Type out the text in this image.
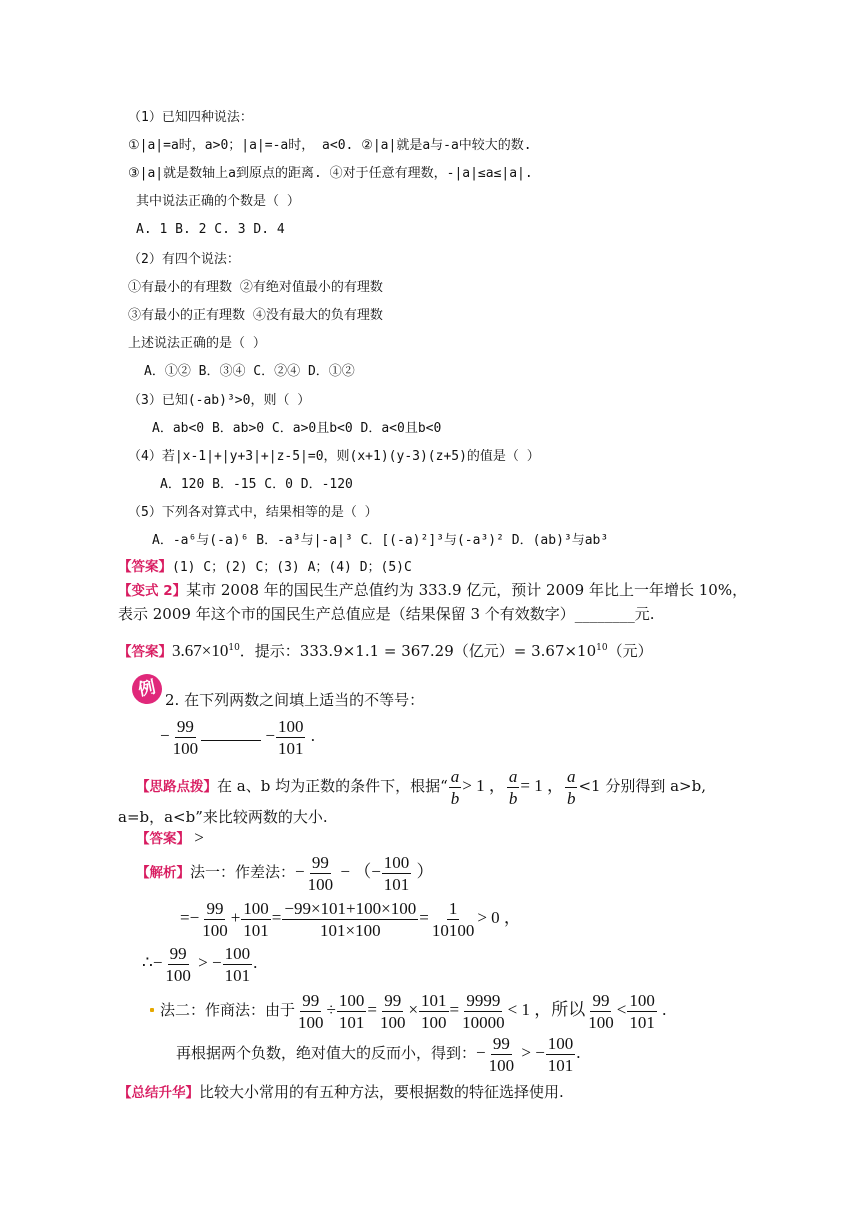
（1）已知四种说法：
①|a|=a时，a>0；|a|=-a时， a<0. ②|a|就是a与-a中较大的数.
③|a|就是数轴上a到原点的距离. ④对于任意有理数，-|a|≤a≤|a|.
其中说法正确的个数是（ ）
A. 1 B. 2 C. 3 D. 4
（2）有四个说法：
①有最小的有理数 ②有绝对值最小的有理数
③有最小的正有理数 ④没有最大的负有理数
上述说法正确的是（ ）
A．①② B．③④ C．②④ D．①②
（3）已知(-ab)³>0，则（ ）
A．ab<0 B．ab>0 C．a>0且b<0 D．a<0且b<0
（4）若|x-1|+|y+3|+|z-5|=0，则(x+1)(y-3)(z+5)的值是（ ）
A．120 B．-15 C．0 D．-120
（5）下列各对算式中，结果相等的是（ ）
A．-a⁶与(-a)⁶ B．-a³与|-a|³ C．[(-a)²]³与(-a³)² D．(ab)³与ab³
【答案】(1) C；(2) C；(3) A；(4) D；(5)C
【变式 2】某市 2008 年的国民生产总值约为 333.9 亿元，预计 2009 年比上一年增长 10%，
表示 2009 年这个市的国民生产总值应是（结果保留 3 个有效数字）________元.
【答案】$3.67\times 10^{10}$．提示：333.9×1.1 = 367.29（亿元）= $3.67\times 10^{10}$（元）
例 2. 在下列两数之间填上适当的不等号：
− $\frac{99}{100}$	− $\frac{100}{101}$ .
【思路点拨】在 a、b 均为正数的条件下，根据“ $\frac{a}{b} > 1$ ， $\frac{a}{b} = 1$ ， $\frac{a}{b} <1$ 分别得到 a>b,
a=b，a<b”来比较两数的大小.
【答案】 >
【解析】法一：作差法：− $\frac{99}{100}$ − （− $\frac{100}{101}$ ）
=− $\frac{99}{100} + \frac{100}{101} = \frac{-99\times 101+100\times 100}{101\times 100} = \frac{1}{10100} > 0$ ，
∴− $\frac{99}{100}$ > − $\frac{100}{101}$ .
法二：作商法：由于 $\frac{99}{100} \div \frac{100}{101} = \frac{99}{100} \times \frac{101}{100} = \frac{9999}{10000} < 1$ ，所以 $\frac{99}{100} < \frac{100}{101}$ .
再根据两个负数，绝对值大的反而小，得到：− $\frac{99}{100}$ > − $\frac{100}{101}$ .
【总结升华】比较大小常用的有五种方法，要根据数的特征选择使用.
